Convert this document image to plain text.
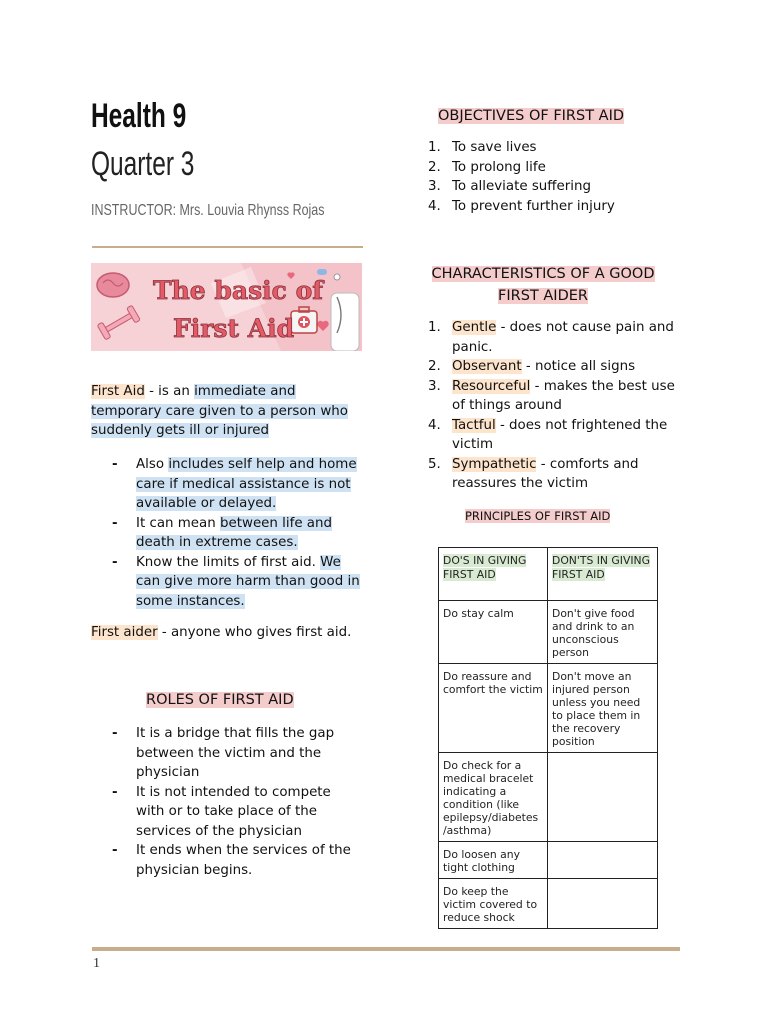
Health 9
Quarter 3
INSTRUCTOR: Mrs. Louvia Rhynss Rojas
The basic of
First Aid
First Aid - is an immediate and temporary care given to a person who suddenly gets ill or injured
- Also includes self help and home care if medical assistance is not available or delayed.
- It can mean between life and death in extreme cases.
- Know the limits of first aid. We can give more harm than good in some instances.
First aider - anyone who gives first aid.
ROLES OF FIRST AID
- It is a bridge that fills the gap between the victim and the physician
- It is not intended to compete with or to take place of the services of the physician
- It ends when the services of the physician begins.
OBJECTIVES OF FIRST AID
1. To save lives
2. To prolong life
3. To alleviate suffering
4. To prevent further injury
CHARACTERISTICS OF A GOOD
FIRST AIDER
1. Gentle - does not cause pain and panic.
2. Observant - notice all signs
3. Resourceful - makes the best use of things around
4. Tactful - does not frightened the victim
5. Sympathetic - comforts and reassures the victim
PRINCIPLES OF FIRST AID
DO'S IN GIVING FIRST AID	DON'TS IN GIVING FIRST AID
Do stay calm	Don't give food and drink to an unconscious person
Do reassure and comfort the victim	Don't move an injured person unless you need to place them in the recovery position
Do check for a medical bracelet indicating a condition (like epilepsy/diabetes /asthma)	
Do loosen any tight clothing	
Do keep the victim covered to reduce shock	
1
